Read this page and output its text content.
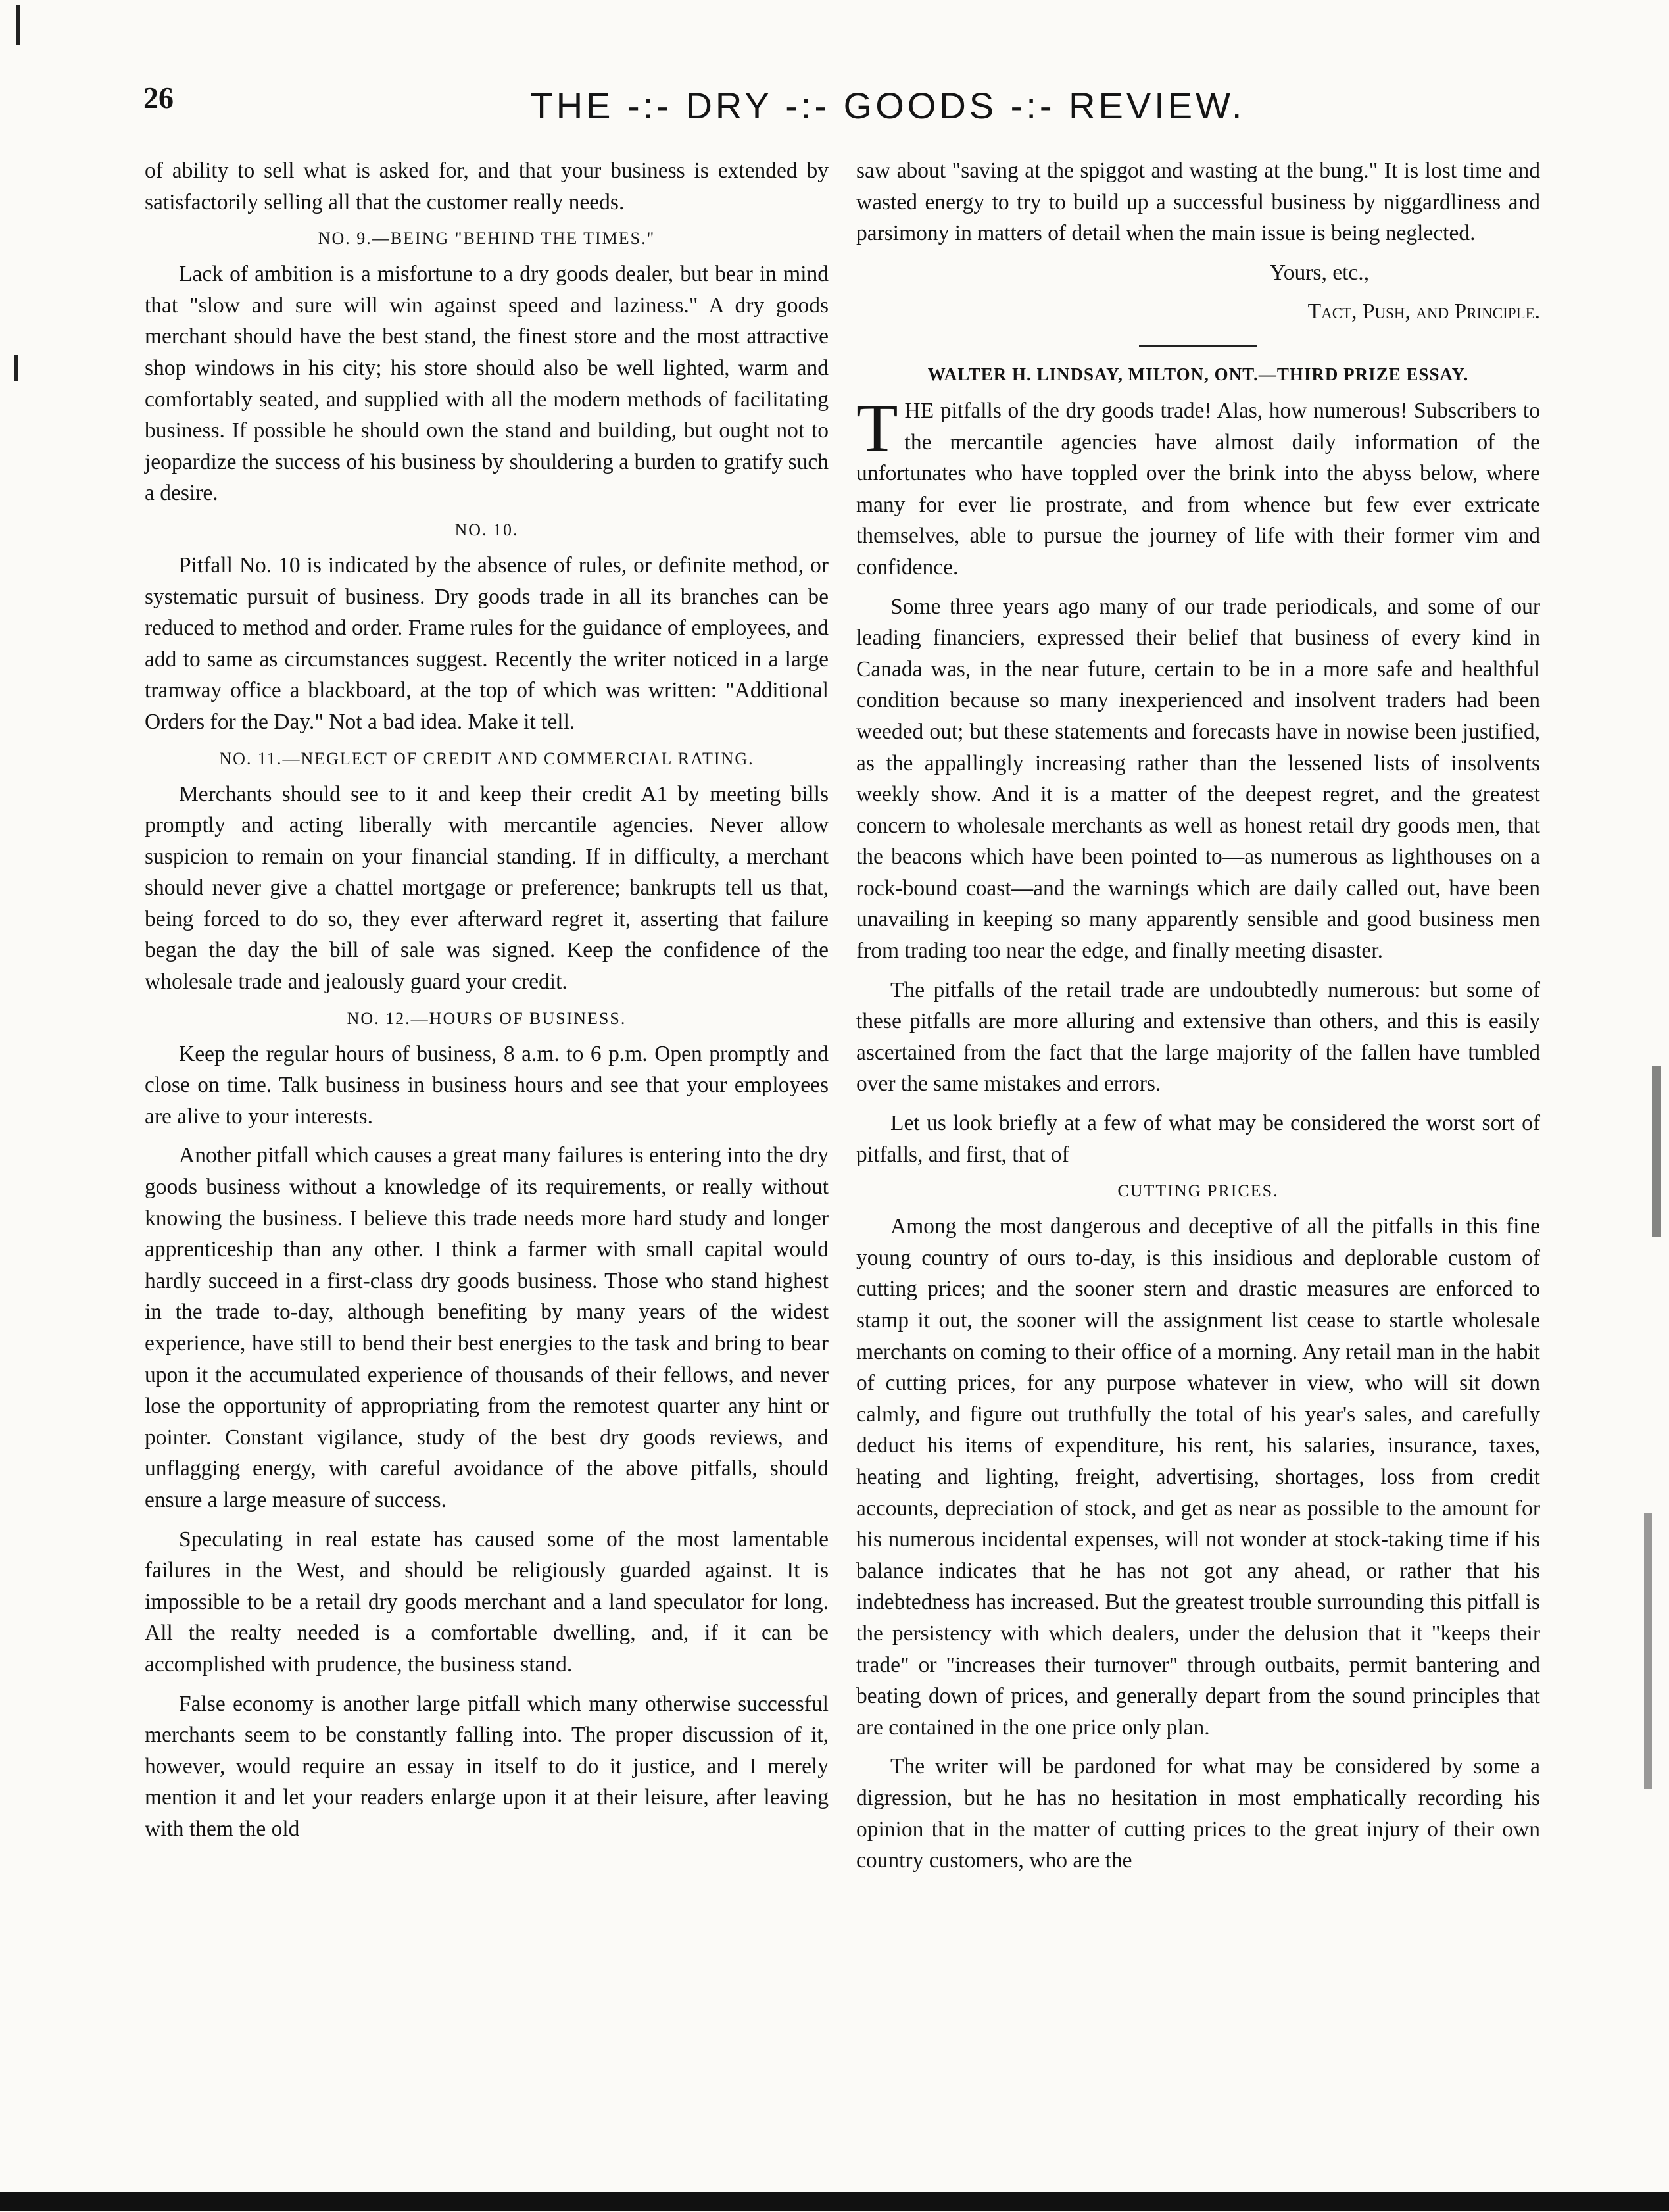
26	THE -:- DRY -:- GOODS -:- REVIEW.

of ability to sell what is asked for, and that your business is extended by satisfactorily selling all that the customer really needs.

NO. 9.—BEING "BEHIND THE TIMES."

Lack of ambition is a misfortune to a dry goods dealer, but bear in mind that "slow and sure will win against speed and laziness." A dry goods merchant should have the best stand, the finest store and the most attractive shop windows in his city; his store should also be well lighted, warm and comfortably seated, and supplied with all the modern methods of facilitating business. If possible he should own the stand and building, but ought not to jeopardize the success of his business by shouldering a burden to gratify such a desire.

NO. 10.

Pitfall No. 10 is indicated by the absence of rules, or definite method, or systematic pursuit of business. Dry goods trade in all its branches can be reduced to method and order. Frame rules for the guidance of employees, and add to same as circumstances suggest. Recently the writer noticed in a large tramway office a blackboard, at the top of which was written: "Additional Orders for the Day." Not a bad idea. Make it tell.

NO. 11.—NEGLECT OF CREDIT AND COMMERCIAL RATING.

Merchants should see to it and keep their credit A1 by meeting bills promptly and acting liberally with mercantile agencies. Never allow suspicion to remain on your financial standing. If in difficulty, a merchant should never give a chattel mortgage or preference; bankrupts tell us that, being forced to do so, they ever afterward regret it, asserting that failure began the day the bill of sale was signed. Keep the confidence of the wholesale trade and jealously guard your credit.

NO. 12.—HOURS OF BUSINESS.

Keep the regular hours of business, 8 a.m. to 6 p.m. Open promptly and close on time. Talk business in business hours and see that your employees are alive to your interests.

Another pitfall which causes a great many failures is entering into the dry goods business without a knowledge of its requirements, or really without knowing the business. I believe this trade needs more hard study and longer apprenticeship than any other. I think a farmer with small capital would hardly succeed in a first-class dry goods business. Those who stand highest in the trade to-day, although benefiting by many years of the widest experience, have still to bend their best energies to the task and bring to bear upon it the accumulated experience of thousands of their fellows, and never lose the opportunity of appropriating from the remotest quarter any hint or pointer. Constant vigilance, study of the best dry goods reviews, and unflagging energy, with careful avoidance of the above pitfalls, should ensure a large measure of success.

Speculating in real estate has caused some of the most lamentable failures in the West, and should be religiously guarded against. It is impossible to be a retail dry goods merchant and a land speculator for long. All the realty needed is a comfortable dwelling, and, if it can be accomplished with prudence, the business stand.

False economy is another large pitfall which many otherwise successful merchants seem to be constantly falling into. The proper discussion of it, however, would require an essay in itself to do it justice, and I merely mention it and let your readers enlarge upon it at their leisure, after leaving with them the old

saw about "saving at the spiggot and wasting at the bung." It is lost time and wasted energy to try to build up a successful business by niggardliness and parsimony in matters of detail when the main issue is being neglected.

Yours, etc.,

Tact, Push, and Principle.

WALTER H. LINDSAY, MILTON, ONT.—THIRD PRIZE ESSAY.

THE pitfalls of the dry goods trade! Alas, how numerous! Subscribers to the mercantile agencies have almost daily information of the unfortunates who have toppled over the brink into the abyss below, where many for ever lie prostrate, and from whence but few ever extricate themselves, able to pursue the journey of life with their former vim and confidence.

Some three years ago many of our trade periodicals, and some of our leading financiers, expressed their belief that business of every kind in Canada was, in the near future, certain to be in a more safe and healthful condition because so many inexperienced and insolvent traders had been weeded out; but these statements and forecasts have in nowise been justified, as the appallingly increasing rather than the lessened lists of insolvents weekly show. And it is a matter of the deepest regret, and the greatest concern to wholesale merchants as well as honest retail dry goods men, that the beacons which have been pointed to—as numerous as lighthouses on a rock-bound coast—and the warnings which are daily called out, have been unavailing in keeping so many apparently sensible and good business men from trading too near the edge, and finally meeting disaster.

The pitfalls of the retail trade are undoubtedly numerous: but some of these pitfalls are more alluring and extensive than others, and this is easily ascertained from the fact that the large majority of the fallen have tumbled over the same mistakes and errors.

Let us look briefly at a few of what may be considered the worst sort of pitfalls, and first, that of

CUTTING PRICES.

Among the most dangerous and deceptive of all the pitfalls in this fine young country of ours to-day, is this insidious and deplorable custom of cutting prices; and the sooner stern and drastic measures are enforced to stamp it out, the sooner will the assignment list cease to startle wholesale merchants on coming to their office of a morning. Any retail man in the habit of cutting prices, for any purpose whatever in view, who will sit down calmly, and figure out truthfully the total of his year's sales, and carefully deduct his items of expenditure, his rent, his salaries, insurance, taxes, heating and lighting, freight, advertising, shortages, loss from credit accounts, depreciation of stock, and get as near as possible to the amount for his numerous incidental expenses, will not wonder at stock-taking time if his balance indicates that he has not got any ahead, or rather that his indebtedness has increased. But the greatest trouble surrounding this pitfall is the persistency with which dealers, under the delusion that it "keeps their trade" or "increases their turnover" through outbaits, permit bantering and beating down of prices, and generally depart from the sound principles that are contained in the one price only plan.

The writer will be pardoned for what may be considered by some a digression, but he has no hesitation in most emphatically recording his opinion that in the matter of cutting prices to the great injury of their own country customers, who are the
